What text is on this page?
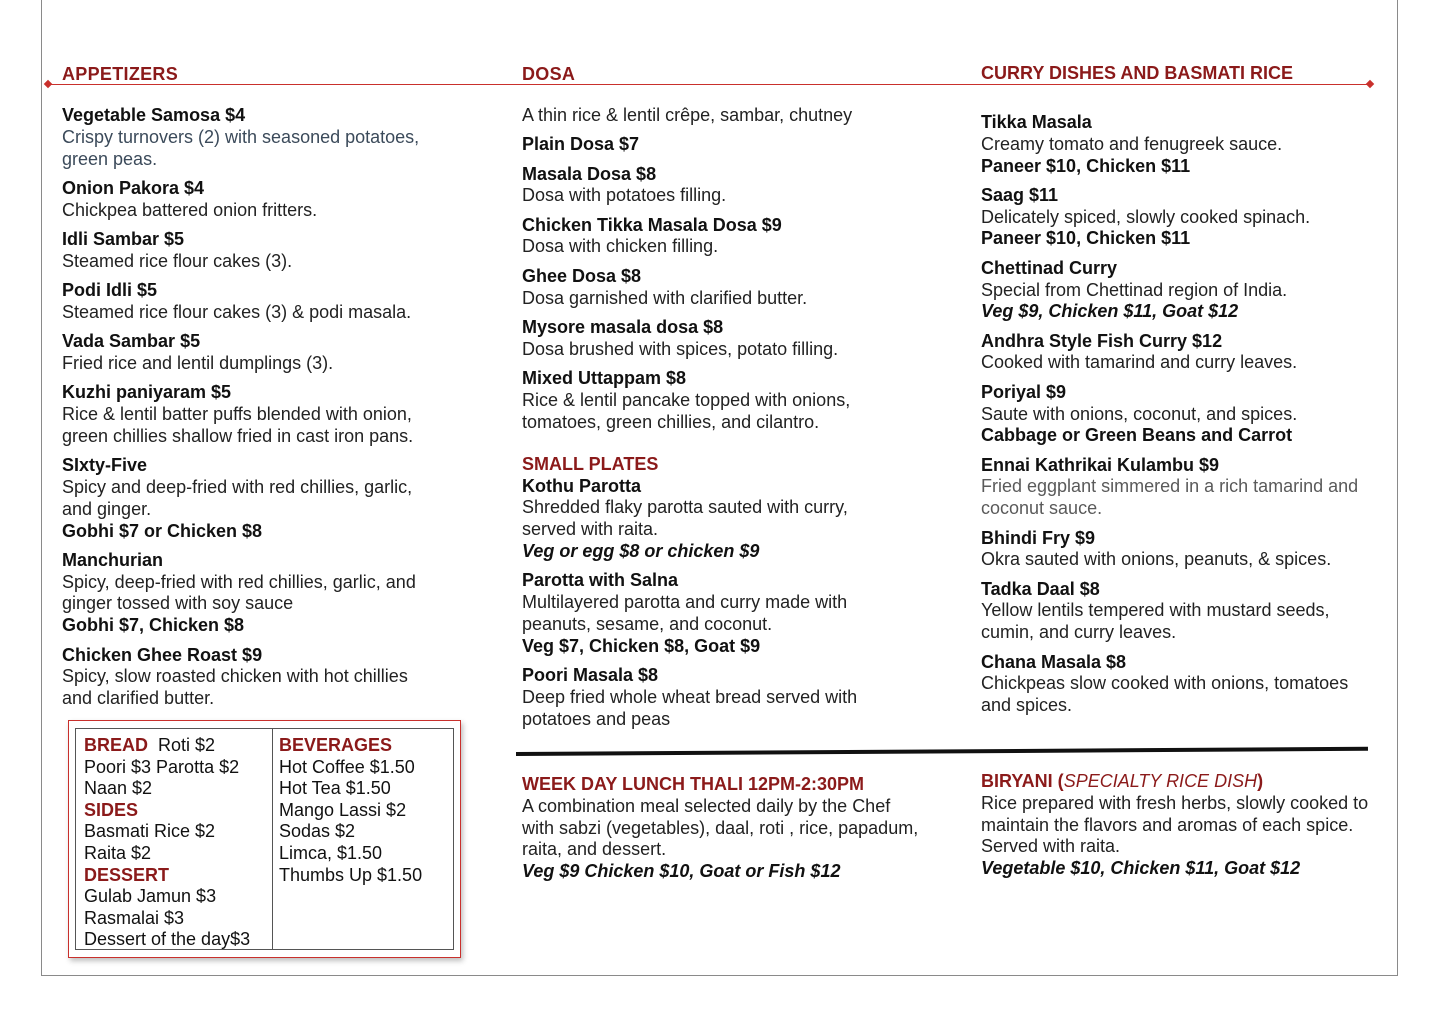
APPETIZERS	DOSA	CURRY DISHES AND BASMATI RICE
Vegetable Samosa $4
Crispy turnovers (2) with seasoned potatoes, green peas.
Onion Pakora $4
Chickpea battered onion fritters.
Idli Sambar $5
Steamed rice flour cakes (3).
Podi Idli $5
Steamed rice flour cakes (3) & podi masala.
Vada Sambar $5
Fried rice and lentil dumplings (3).
Kuzhi paniyaram $5
Rice & lentil batter puffs blended with onion, green chillies shallow fried in cast iron pans.
SIxty-Five
Spicy and deep-fried with red chillies, garlic, and ginger.
Gobhi $7 or Chicken $8
Manchurian
Spicy, deep-fried with red chillies, garlic, and ginger tossed with soy sauce
Gobhi $7, Chicken $8
Chicken Ghee Roast $9
Spicy, slow roasted chicken with hot chillies and clarified butter.
A thin rice & lentil crêpe, sambar, chutney
Plain Dosa $7
Masala Dosa $8
Dosa with potatoes filling.
Chicken Tikka Masala Dosa $9
Dosa with chicken filling.
Ghee Dosa $8
Dosa garnished with clarified butter.
Mysore masala dosa $8
Dosa brushed with spices, potato filling.
Mixed Uttappam $8
Rice & lentil pancake topped with onions, tomatoes, green chillies, and cilantro.
SMALL PLATES
Kothu Parotta
Shredded flaky parotta sauted with curry, served with raita.
Veg or egg $8 or chicken $9
Parotta with Salna
Multilayered parotta and curry made with peanuts, sesame, and coconut.
Veg $7, Chicken $8, Goat $9
Poori Masala $8
Deep fried whole wheat bread served with potatoes and peas
Tikka Masala
Creamy tomato and fenugreek sauce.
Paneer $10, Chicken $11
Saag $11
Delicately spiced, slowly cooked spinach.
Paneer $10, Chicken $11
Chettinad Curry
Special from Chettinad region of India.
Veg $9, Chicken $11, Goat $12
Andhra Style Fish Curry $12
Cooked with tamarind and curry leaves.
Poriyal $9
Saute with onions, coconut, and spices.
Cabbage or Green Beans and Carrot
Ennai Kathrikai Kulambu $9
Fried eggplant simmered in a rich tamarind and coconut sauce.
Bhindi Fry $9
Okra sauted with onions, peanuts, & spices.
Tadka Daal $8
Yellow lentils tempered with mustard seeds, cumin, and curry leaves.
Chana Masala $8
Chickpeas slow cooked with onions, tomatoes and spices.
WEEK DAY LUNCH THALI 12PM-2:30PM
A combination meal selected daily by the Chef with sabzi (vegetables), daal, roti , rice, papadum, raita, and dessert.
Veg $9 Chicken $10, Goat or Fish $12
BIRYANI (SPECIALTY RICE DISH)
Rice prepared with fresh herbs, slowly cooked to maintain the flavors and aromas of each spice. Served with raita.
Vegetable $10, Chicken $11, Goat $12
BREAD  Roti $2
Poori $3 Parotta $2
Naan $2
SIDES
Basmati Rice $2
Raita $2
DESSERT
Gulab Jamun $3
Rasmalai $3
Dessert of the day$3
BEVERAGES
Hot Coffee $1.50
Hot Tea $1.50
Mango Lassi $2
Sodas $2
Limca, $1.50
Thumbs Up $1.50
